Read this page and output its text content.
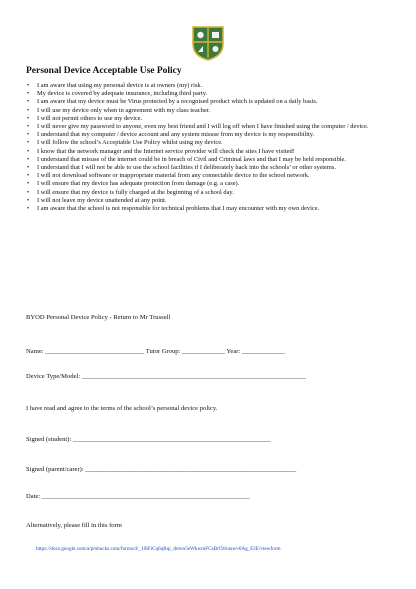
Personal Device Acceptable Use Policy
• I am aware that using my personal device is at owners (my) risk.
• My device is covered by adequate insurance, including third party.
• I am aware that my device must be Virus protected by a recognised product which is updated on a daily basis.
• I will use my device only when in agreement with my class teacher.
• I will not permit others to use my device.
• I will never give my password to anyone, even my best friend and I will log off when I have finished using the computer / device.
• I understand that my computer / device account and any system misuse from my device is my responsibility.
• I will follow the school’s Acceptable Use Policy whilst using my device.
• I know that the network manager and the Internet service provider will check the sites I have visited!
• I understand that misuse of the internet could be in breach of Civil and Criminal laws and that I may be held responsible.
• I understand that I will not be able to use the school facilities if I deliberately hack into the schools’ or other systems.
• I will not download software or inappropriate material from any connectable device to the school network.
• I will ensure that my device has adequate protection from damage (e.g. a case).
• I will ensure that my device is fully charged at the beginning of a school day.
• I will not leave my device unattended at any point.
• I am aware that the school is not responsible for technical problems that I may encounter with my own device.
BYOD Personal Device Policy - Return to Mr Trussell
Name: ______________________________ Tutor Group: _____________ Year: _____________
Device Type/Model: ____________________________________________________________________
I have read and agree to the terms of the school’s personal device policy.
Signed (student): ____________________________________________________________
Signed (parent/carer): ________________________________________________________________
Date: _______________________________________________________________
Alternatively, please fill in this form
https://docs.google.com/a/prsbucks.com/forms/d/_10lFiCq6qRqi_tbtwn5eWkwmFCsBrf58caswv6Ag_F2E/viewform
